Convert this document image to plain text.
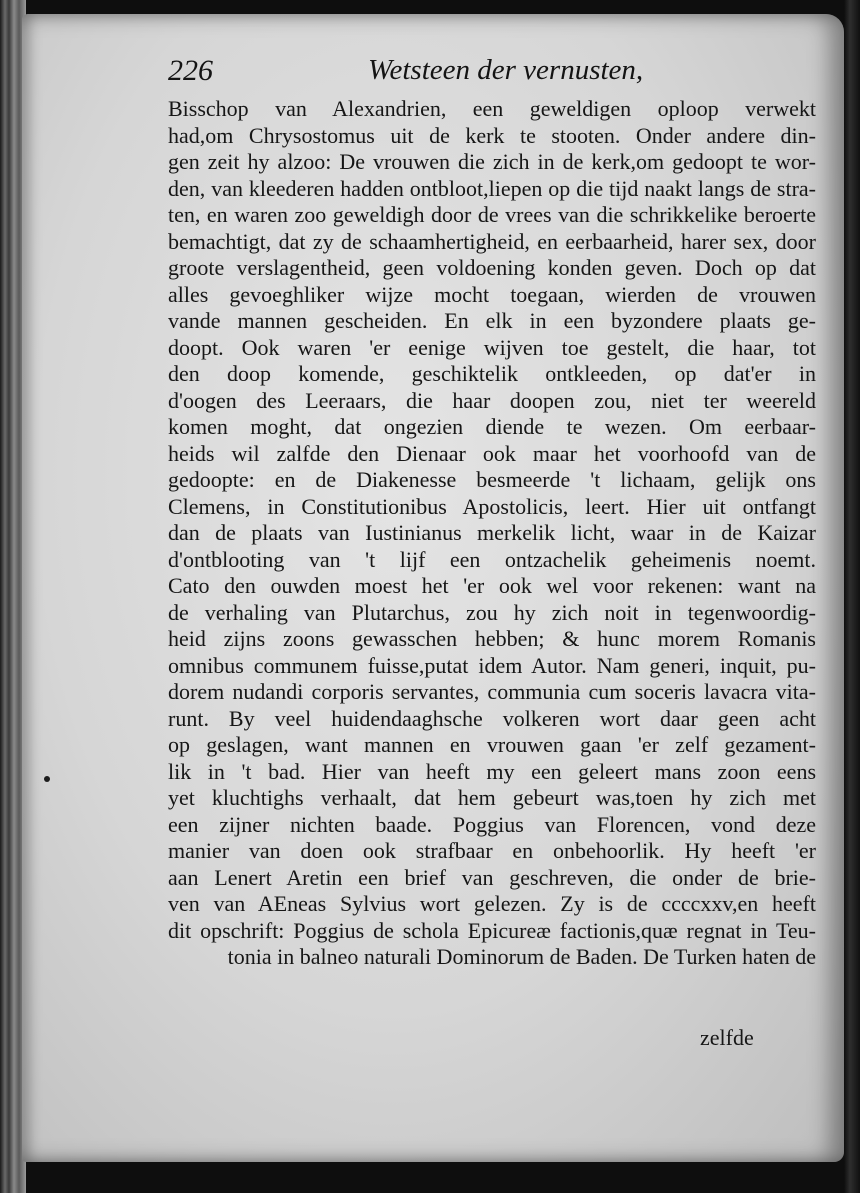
226	Wetsteen der vernusten,
Bisschop van Alexandrien, een geweldigen oploop verwekt
had,om Chrysostomus uit de kerk te stooten. Onder andere din-
gen zeit hy alzoo: De vrouwen die zich in de kerk,om gedoopt te wor-
den, van kleederen hadden ontbloot,liepen op die tijd naakt langs de stra-
ten, en waren zoo geweldigh door de vrees van die schrikkelike beroerte
bemachtigt, dat zy de schaamhertigheid, en eerbaarheid, harer sex, door
groote verslagentheid, geen voldoening konden geven. Doch op dat
alles gevoeghliker wijze mocht toegaan, wierden de vrouwen
vande mannen gescheiden. En elk in een byzondere plaats ge-
doopt. Ook waren 'er eenige wijven toe gestelt, die haar, tot
den doop komende, geschiktelik ontkleeden, op dat'er in
d'oogen des Leeraars, die haar doopen zou, niet ter weereld
komen moght, dat ongezien diende te wezen. Om eerbaar-
heids wil zalfde den Dienaar ook maar het voorhoofd van de
gedoopte: en de Diakenesse besmeerde 't lichaam, gelijk ons
Clemens, in Constitutionibus Apostolicis, leert. Hier uit ontfangt
dan de plaats van Iustinianus merkelik licht, waar in de Kaizar
d'ontblooting van 't lijf een ontzachelik geheimenis noemt.
Cato den ouwden moest het 'er ook wel voor rekenen: want na
de verhaling van Plutarchus, zou hy zich noit in tegenwoordig-
heid zijns zoons gewasschen hebben; & hunc morem Romanis
omnibus communem fuisse,putat idem Autor. Nam generi, inquit, pu-
dorem nudandi corporis servantes, communia cum soceris lavacra vita-
runt. By veel huidendaaghsche volkeren wort daar geen acht
op geslagen, want mannen en vrouwen gaan 'er zelf gezament-
lik in 't bad. Hier van heeft my een geleert mans zoon eens
yet kluchtighs verhaalt, dat hem gebeurt was,toen hy zich met
een zijner nichten baade. Poggius van Florencen, vond deze
manier van doen ook strafbaar en onbehoorlik. Hy heeft 'er
aan Lenert Aretin een brief van geschreven, die onder de brie-
ven van AEneas Sylvius wort gelezen. Zy is de ccccxxv,en heeft
dit opschrift: Poggius de schola Epicureæ factionis,quæ regnat in Teu-
tonia in balneo naturali Dominorum de Baden. De Turken haten de
zelfde
